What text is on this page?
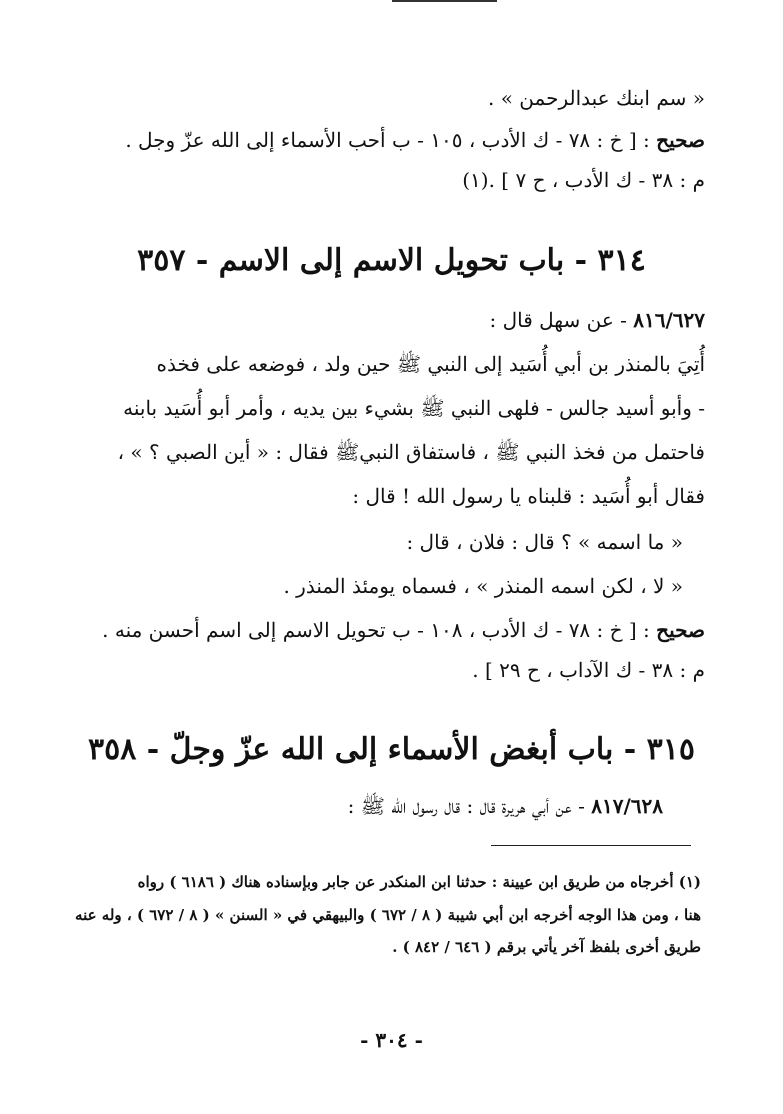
« سم ابنك عبدالرحمن » .
صحيح : [ خ : ٧٨ - ك الأدب ، ١٠٥ - ب أحب الأسماء إلى الله عزّ وجل .
م : ٣٨ - ك الأدب ، ح ٧ ] .(١)
٣١٤ - باب تحويل الاسم إلى الاسم - ٣٥٧
٨١٦/٦٢٧ - عن سهل قال :
أُتِيَ بالمنذر بن أبي أُسَيد إلى النبي ﷺ حين ولد ، فوضعه على فخذه
- وأبو أسيد جالس - فلهى النبي ﷺ بشيء بين يديه ، وأمر أبو أُسَيد بابنه
فاحتمل من فخذ النبي ﷺ ، فاستفاق النبيﷺ فقال : « أين الصبي ؟ » ،
فقال أبو أُسَيد : قلبناه يا رسول الله ! قال :
« ما اسمه » ؟ قال : فلان ، قال :
« لا ، لكن اسمه المنذر » ، فسماه يومئذ المنذر .
صحيح : [ خ : ٧٨ - ك الأدب ، ١٠٨ - ب تحويل الاسم إلى اسم أحسن منه .
م : ٣٨ - ك الآداب ، ح ٢٩ ] .
٣١٥ - باب أبغض الأسماء إلى الله عزّ وجلّ - ٣٥٨
٨١٧/٦٢٨ - عن أبي هريرة قال : قال رسول الله ﷺ :
(١) أخرجاه من طريق ابن عيينة : حدثنا ابن المنكدر عن جابر وبإسناده هناك ( ٦١٨٦ ) رواه
هنا ، ومن هذا الوجه أخرجه ابن أبي شيبة ( ٨ / ٦٧٢ ) والبيهقي في « السنن » ( ٨ / ٦٧٢ ) ، وله عنه
طريق أخرى بلفظ آخر يأتي برقم ( ٦٤٦ / ٨٤٢ ) .
- ٣٠٤ -
